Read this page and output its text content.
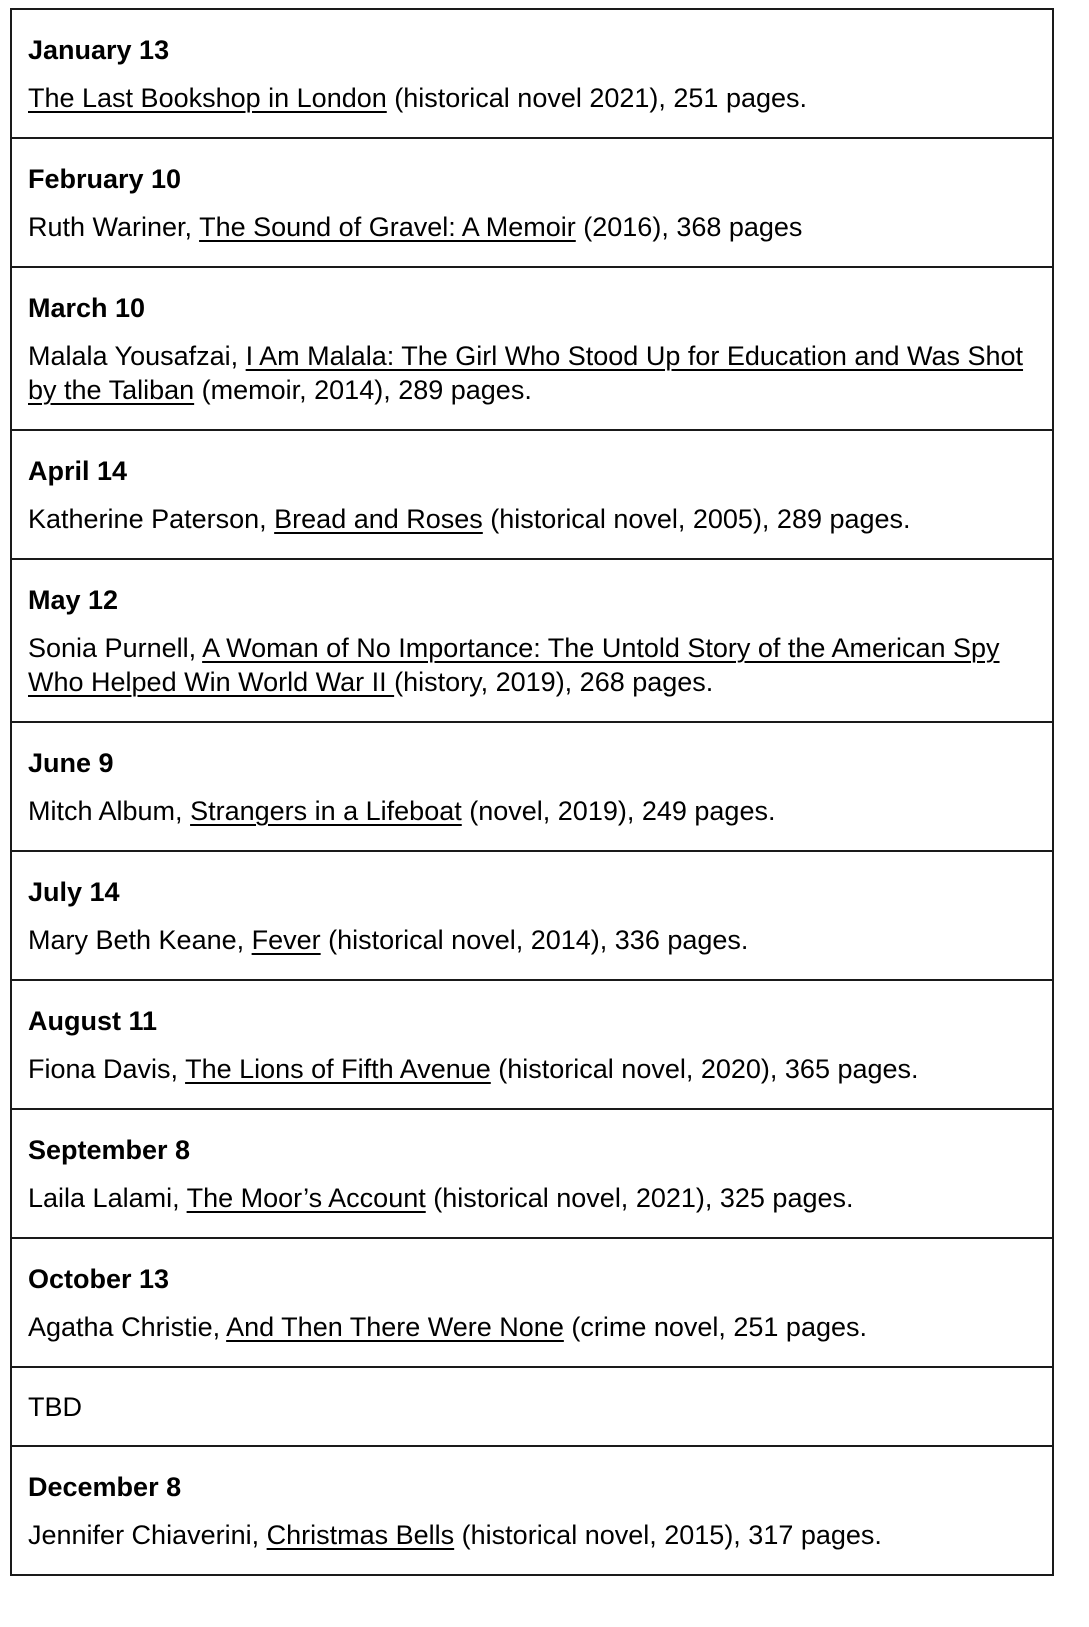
January 13

The Last Bookshop in London (historical novel 2021), 251 pages.

February 10

Ruth Wariner, The Sound of Gravel: A Memoir (2016), 368 pages

March 10

Malala Yousafzai, I Am Malala: The Girl Who Stood Up for Education and Was Shot by the Taliban (memoir, 2014), 289 pages.

April 14

Katherine Paterson, Bread and Roses (historical novel, 2005), 289 pages.

May 12

Sonia Purnell, A Woman of No Importance: The Untold Story of the American Spy Who Helped Win World War II (history, 2019), 268 pages.

June 9

Mitch Album, Strangers in a Lifeboat (novel, 2019), 249 pages.

July 14

Mary Beth Keane, Fever (historical novel, 2014), 336 pages.

August 11

Fiona Davis, The Lions of Fifth Avenue (historical novel, 2020), 365 pages.

September 8

Laila Lalami, The Moor’s Account (historical novel, 2021), 325 pages.

October 13

Agatha Christie, And Then There Were None (crime novel, 251 pages.

TBD

December 8

Jennifer Chiaverini, Christmas Bells (historical novel, 2015), 317 pages.
